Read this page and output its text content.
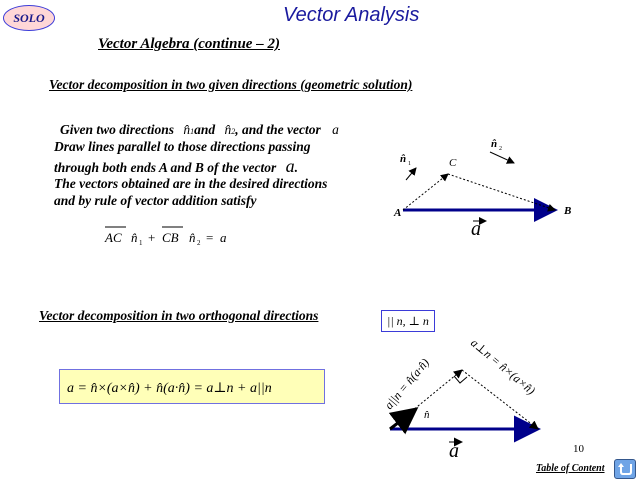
SOLO	Vector Analysis
Vector Algebra (continue – 2)
Vector decomposition in two given directions (geometric solution)
Given two directions n̂1and n̂2, and the vector a
Draw lines parallel to those directions passing
through both ends A and B of the vector a.
The vectors obtained are in the desired directions
and by rule of vector addition satisfy
AC n̂ 1 + CB n̂ 2 = a
A	B
C
n̂ 1
n̂ 2
a
Vector decomposition in two orthogonal directions	|| n, ⊥ n
a = n̂×(a×n̂) + n̂(a·n̂) = a⊥n + a||n
n̂
a
a||n = n̂(a·n̂)	a⊥n = n̂×(a×n̂)
10
Table of Content
